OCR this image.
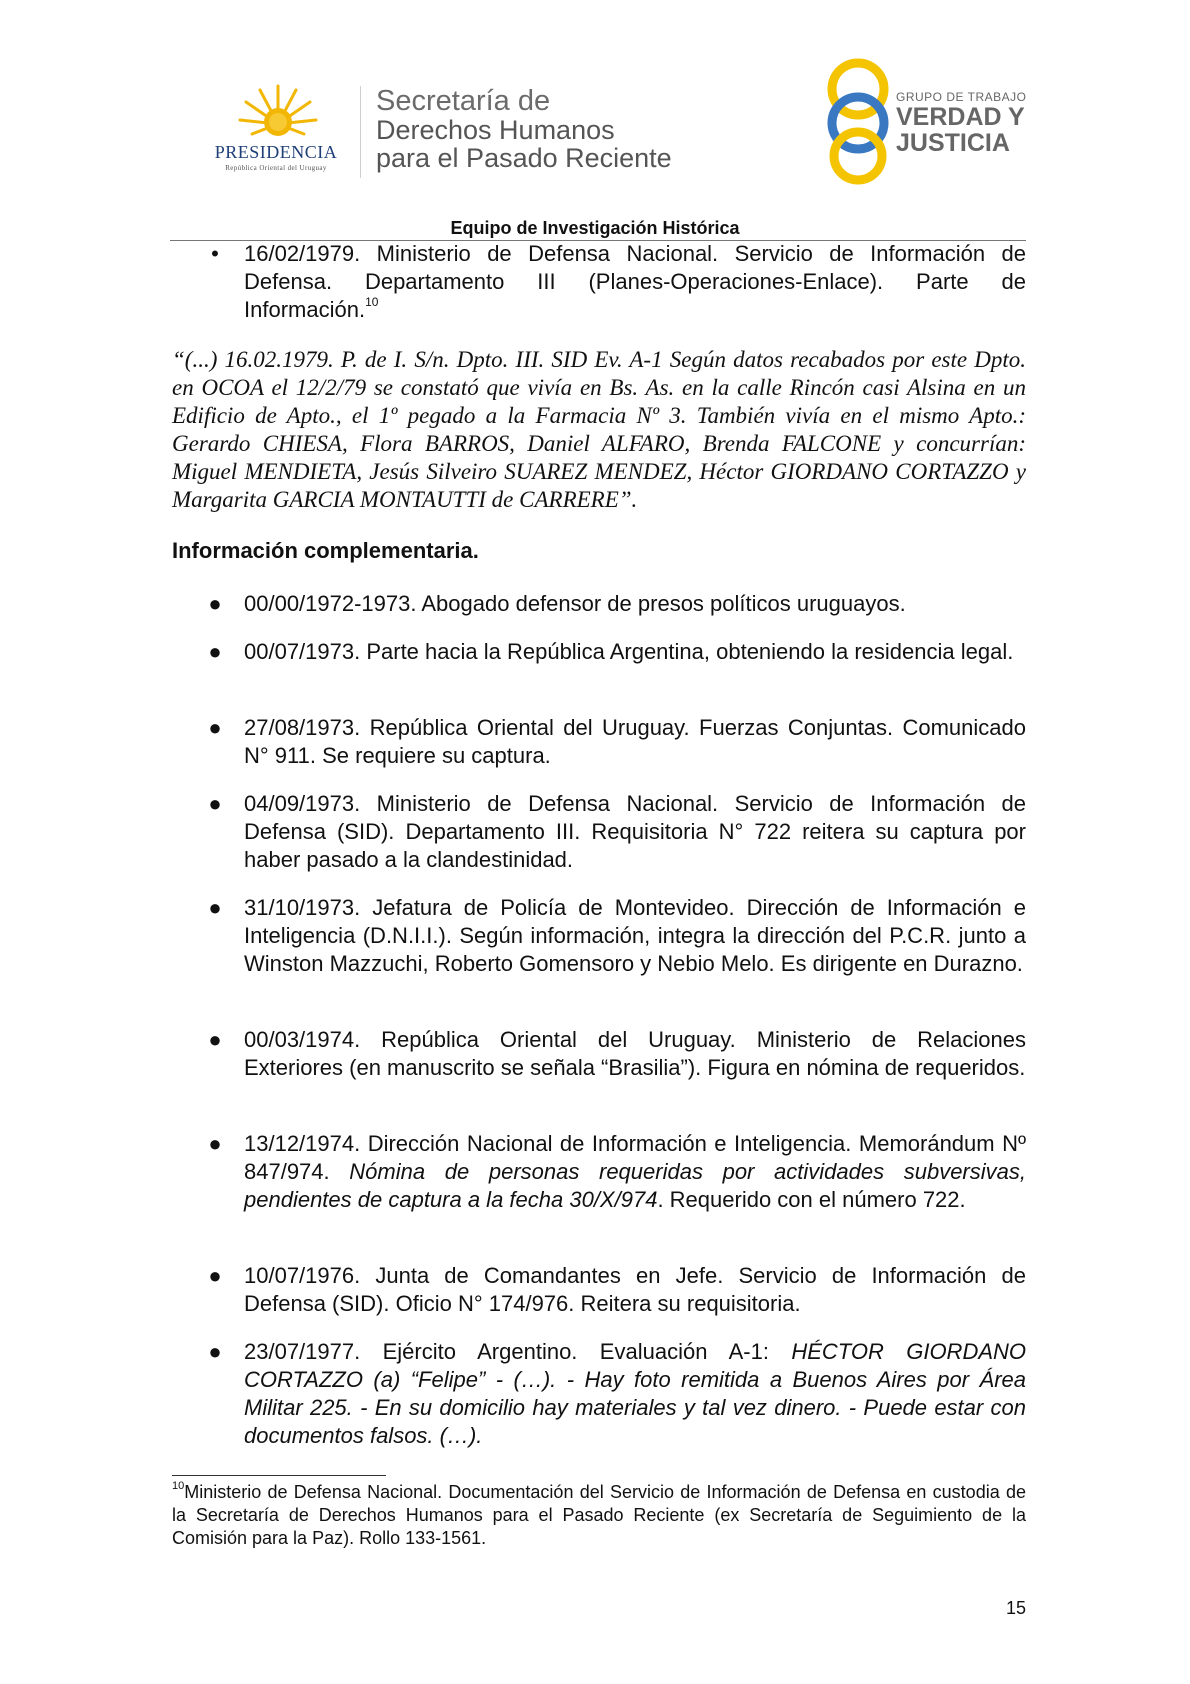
PRESIDENCIA
República Oriental del Uruguay
Secretaría de
Derechos Humanos
para el Pasado Reciente
GRUPO DE TRABAJO
VERDAD Y
JUSTICIA
Equipo de Investigación Histórica
• 16/02/1979. Ministerio de Defensa Nacional. Servicio de Información de Defensa. Departamento III (Planes-Operaciones-Enlace). Parte de Información.$^{10}$
“(...) 16.02.1979. P. de I. S/n. Dpto. III. SID Ev. A-1 Según datos recabados por este Dpto. en OCOA el 12/2/79 se constató que vivía en Bs. As. en la calle Rincón casi Alsina en un Edificio de Apto., el 1º pegado a la Farmacia Nº 3. También vivía en el mismo Apto.: Gerardo CHIESA, Flora BARROS, Daniel ALFARO, Brenda FALCONE y concurrían: Miguel MENDIETA, Jesús Silveiro SUAREZ MENDEZ, Héctor GIORDANO CORTAZZO y Margarita GARCIA MONTAUTTI de CARRERE”.
Información complementaria.
● 00/00/1972-1973. Abogado defensor de presos políticos uruguayos.
● 00/07/1973. Parte hacia la República Argentina, obteniendo la residencia legal.
● 27/08/1973. República Oriental del Uruguay. Fuerzas Conjuntas. Comunicado N° 911. Se requiere su captura.
● 04/09/1973. Ministerio de Defensa Nacional. Servicio de Información de Defensa (SID). Departamento III. Requisitoria N° 722 reitera su captura por haber pasado a la clandestinidad.
● 31/10/1973. Jefatura de Policía de Montevideo. Dirección de Información e Inteligencia (D.N.I.I.). Según información, integra la dirección del P.C.R. junto a Winston Mazzuchi, Roberto Gomensoro y Nebio Melo. Es dirigente en Durazno.
● 00/03/1974. República Oriental del Uruguay. Ministerio de Relaciones Exteriores (en manuscrito se señala “Brasilia”). Figura en nómina de requeridos.
● 13/12/1974. Dirección Nacional de Información e Inteligencia. Memorándum Nº 847/974. Nómina de personas requeridas por actividades subversivas, pendientes de captura a la fecha 30/X/974. Requerido con el número 722.
● 10/07/1976. Junta de Comandantes en Jefe. Servicio de Información de Defensa (SID). Oficio N° 174/976. Reitera su requisitoria.
● 23/07/1977. Ejército Argentino. Evaluación A-1: HÉCTOR GIORDANO CORTAZZO (a) “Felipe” - (…). - Hay foto remitida a Buenos Aires por Área Militar 225. - En su domicilio hay materiales y tal vez dinero. - Puede estar con documentos falsos. (…).
$^{10}$Ministerio de Defensa Nacional. Documentación del Servicio de Información de Defensa en custodia de la Secretaría de Derechos Humanos para el Pasado Reciente (ex Secretaría de Seguimiento de la Comisión para la Paz). Rollo 133-1561.
15
